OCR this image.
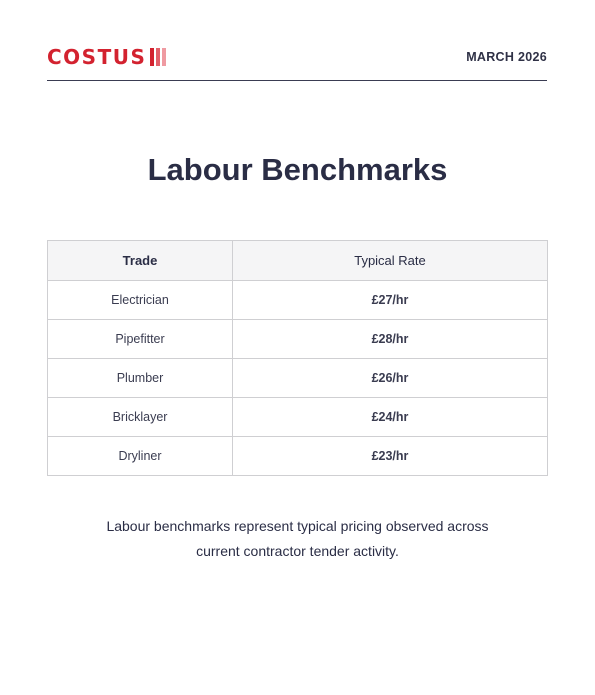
COSTUS	MARCH 2026
Labour Benchmarks
Trade	Typical Rate
Electrician	£27/hr
Pipefitter	£28/hr
Plumber	£26/hr
Bricklayer	£24/hr
Dryliner	£23/hr

Labour benchmarks represent typical pricing observed across
current contractor tender activity.
